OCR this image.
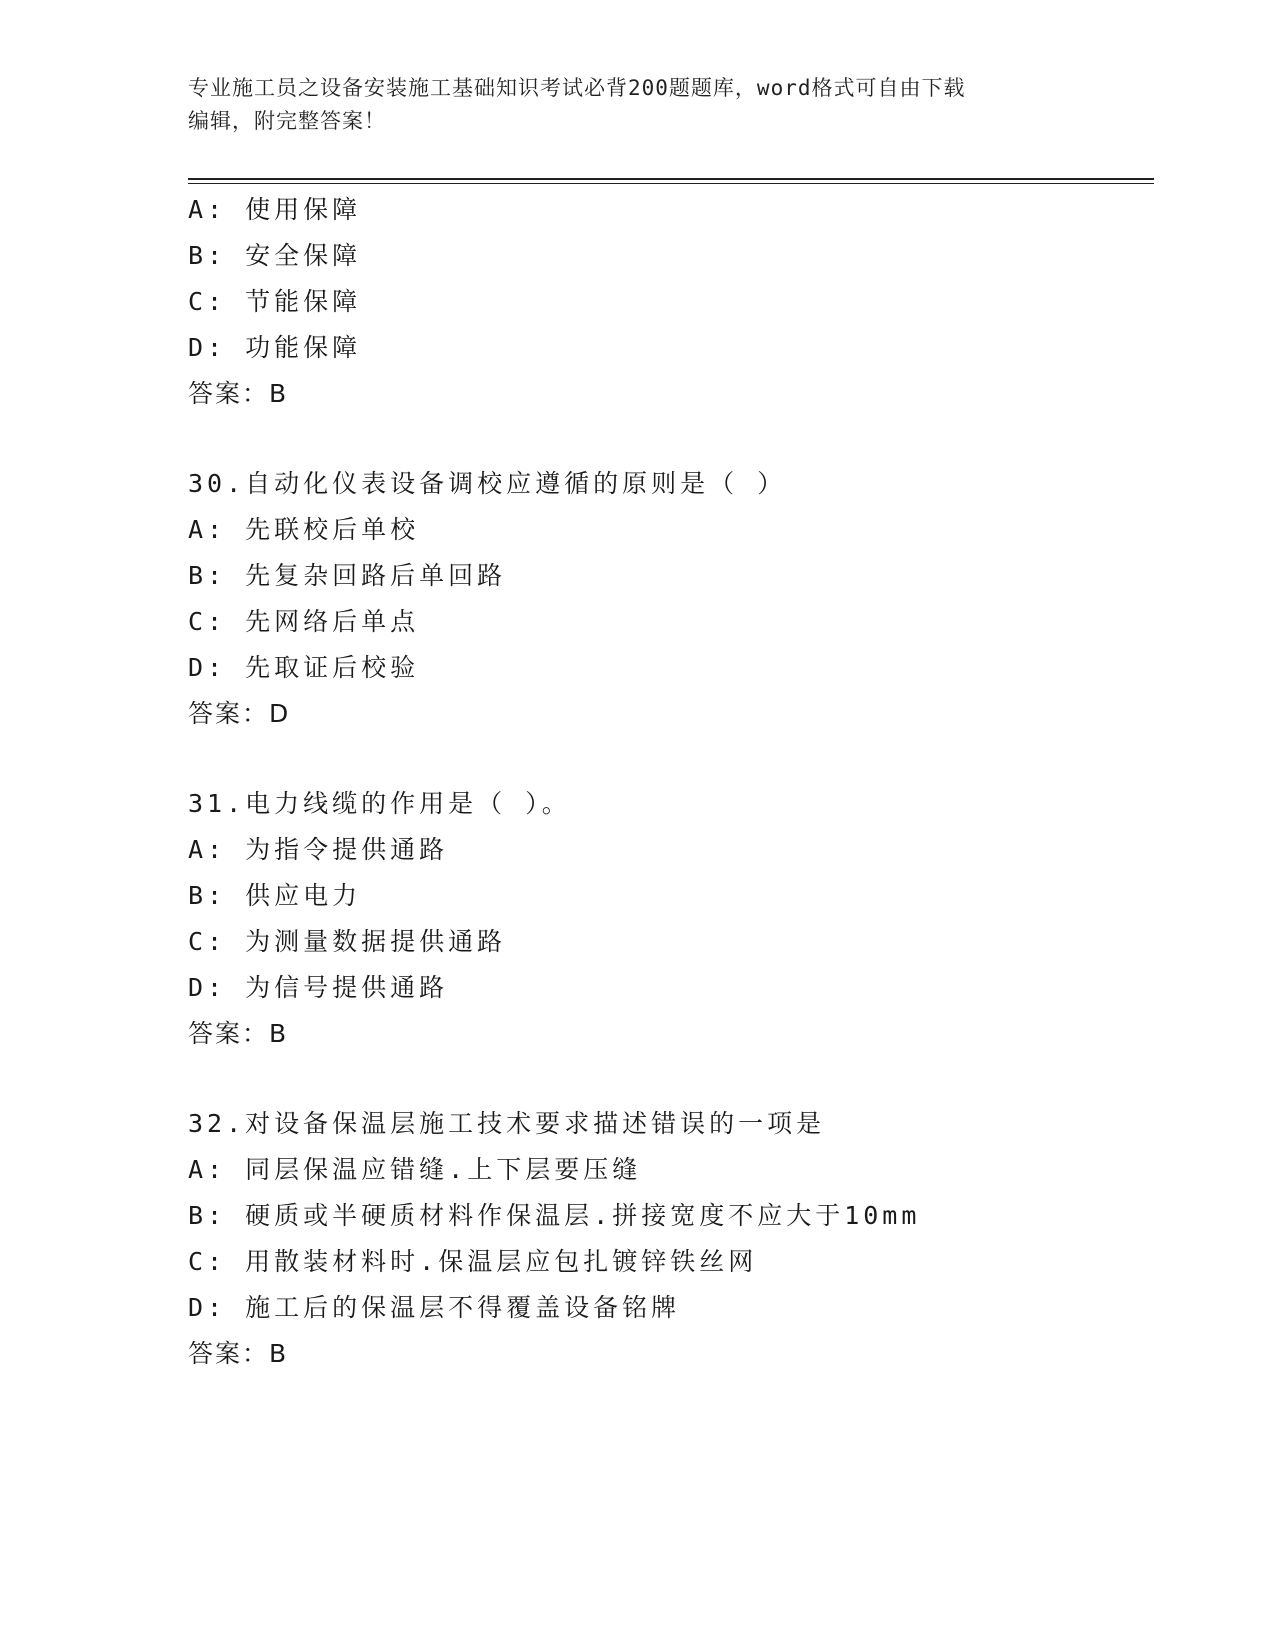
专业施工员之设备安装施工基础知识考试必背200题题库，word格式可自由下载
编辑，附完整答案！
A: 使用保障
B: 安全保障
C: 节能保障
D: 功能保障
答案：B
30.自动化仪表设备调校应遵循的原则是（ ）
A: 先联校后单校
B: 先复杂回路后单回路
C: 先网络后单点
D: 先取证后校验
答案：D
31.电力线缆的作用是（ ）。
A: 为指令提供通路
B: 供应电力
C: 为测量数据提供通路
D: 为信号提供通路
答案：B
32.对设备保温层施工技术要求描述错误的一项是
A: 同层保温应错缝.上下层要压缝
B: 硬质或半硬质材料作保温层.拼接宽度不应大于10mm
C: 用散装材料时.保温层应包扎镀锌铁丝网
D: 施工后的保温层不得覆盖设备铭牌
答案：B
